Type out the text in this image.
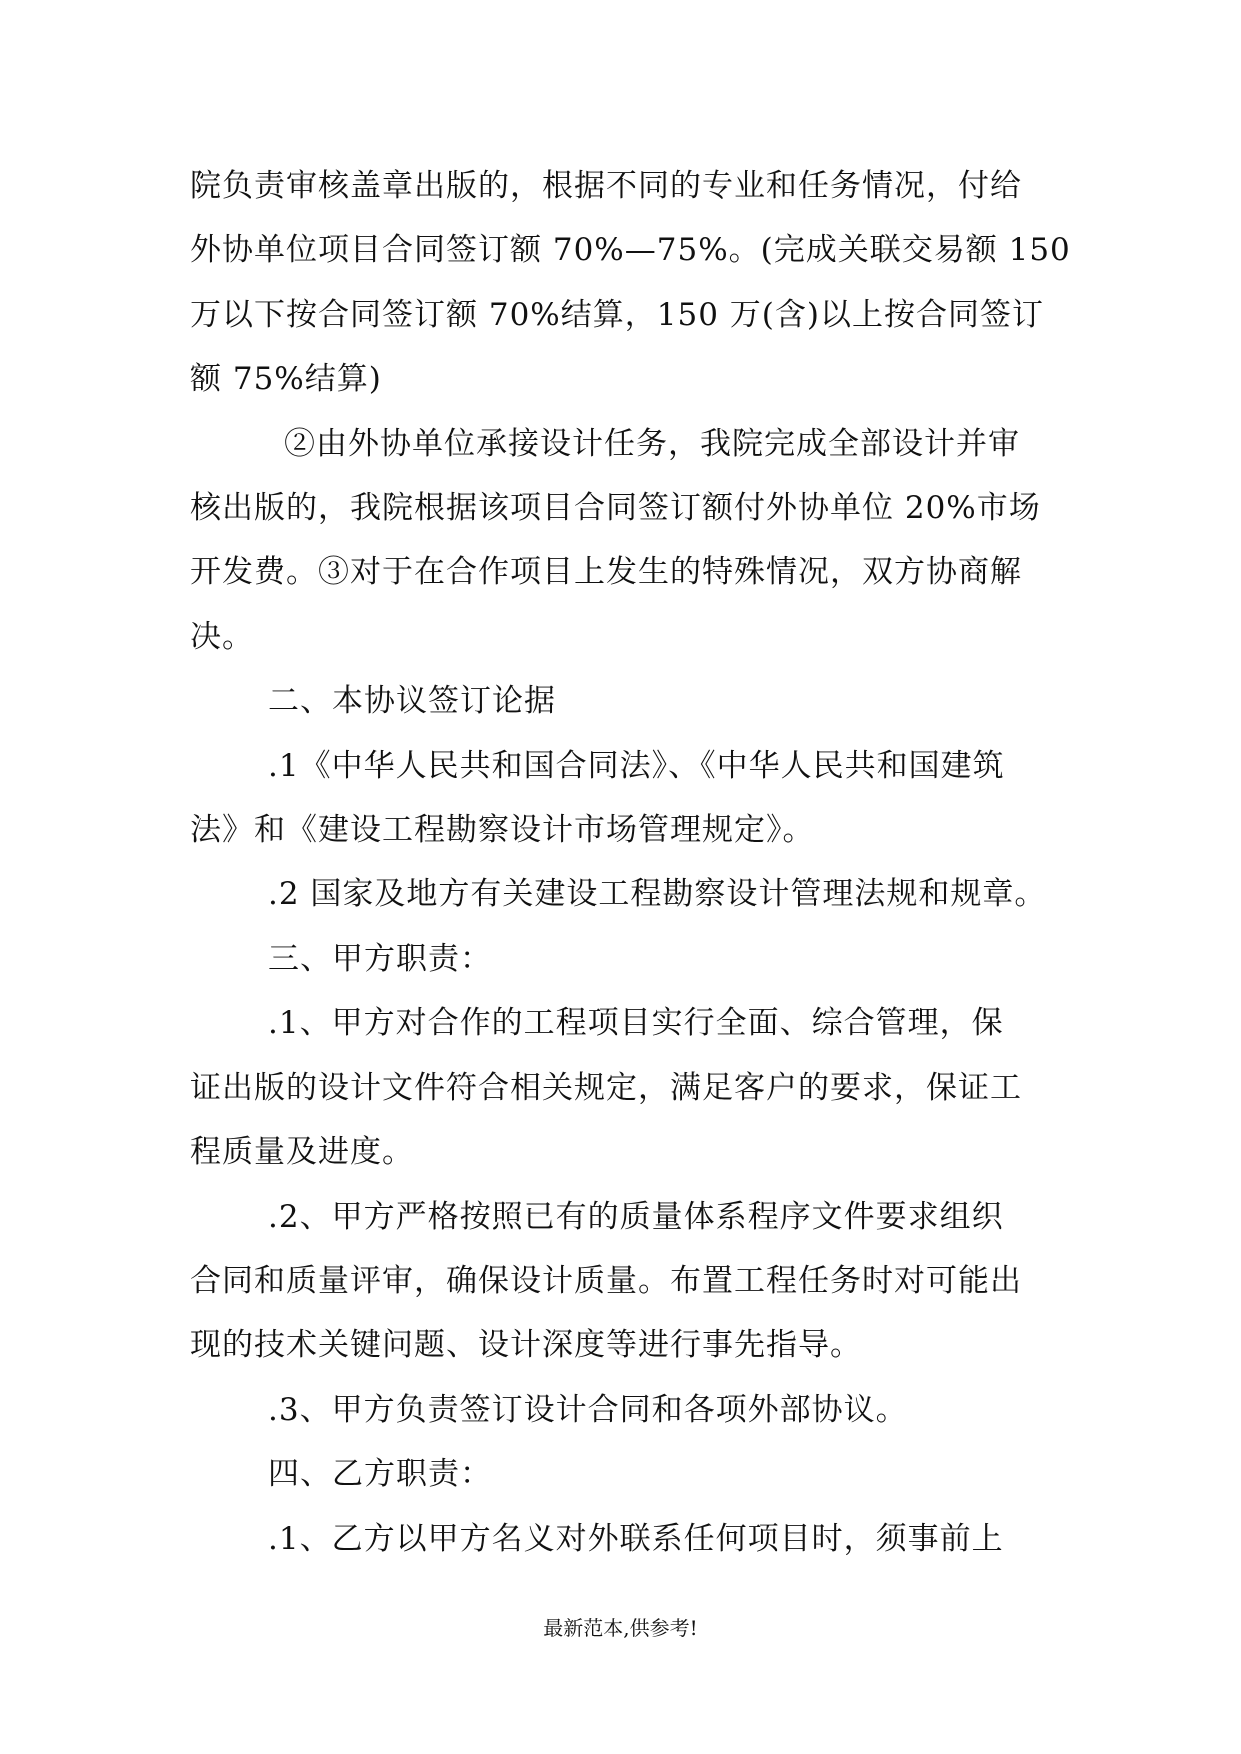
院负责审核盖章出版的，根据不同的专业和任务情况，付给

外协单位项目合同签订额 70%—75%。(完成关联交易额 150

万以下按合同签订额 70%结算，150 万(含)以上按合同签订

额 75%结算)

②由外协单位承接设计任务，我院完成全部设计并审

核出版的，我院根据该项目合同签订额付外协单位 20%市场

开发费。③对于在合作项目上发生的特殊情况，双方协商解

决。

二、本协议签订论据

.1《中华人民共和国合同法》、《中华人民共和国建筑

法》和《建设工程勘察设计市场管理规定》。

.2 国家及地方有关建设工程勘察设计管理法规和规章。

三、甲方职责：

.1、甲方对合作的工程项目实行全面、综合管理，保

证出版的设计文件符合相关规定，满足客户的要求，保证工

程质量及进度。

.2、甲方严格按照已有的质量体系程序文件要求组织

合同和质量评审，确保设计质量。布置工程任务时对可能出

现的技术关键问题、设计深度等进行事先指导。

.3、甲方负责签订设计合同和各项外部协议。

四、乙方职责：

.1、乙方以甲方名义对外联系任何项目时，须事前上

最新范本,供参考!
